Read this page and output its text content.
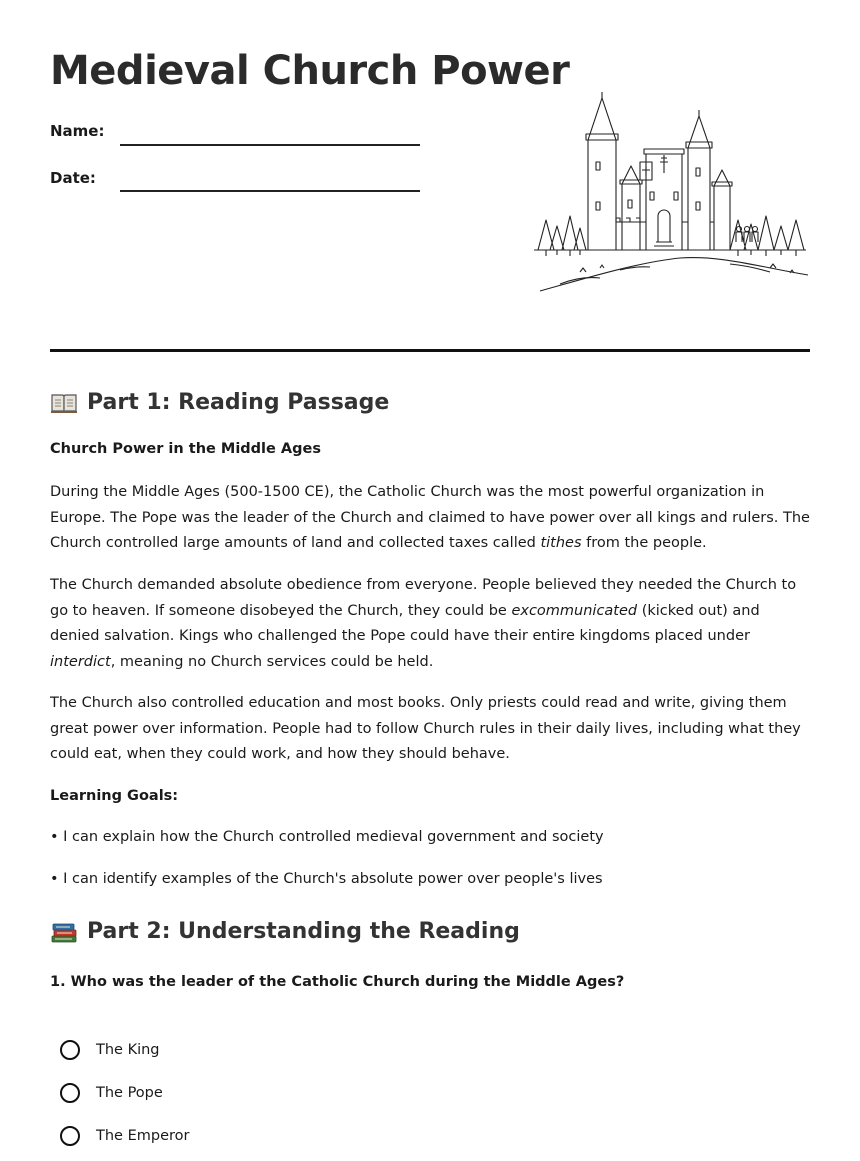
Medieval Church Power
Name:
Date:
Part 1: Reading Passage
Church Power in the Middle Ages

During the Middle Ages (500-1500 CE), the Catholic Church was the most powerful organization in Europe. The Pope was the leader of the Church and claimed to have power over all kings and rulers. The Church controlled large amounts of land and collected taxes called tithes from the people.

The Church demanded absolute obedience from everyone. People believed they needed the Church to go to heaven. If someone disobeyed the Church, they could be excommunicated (kicked out) and denied salvation. Kings who challenged the Pope could have their entire kingdoms placed under interdict, meaning no Church services could be held.

The Church also controlled education and most books. Only priests could read and write, giving them great power over information. People had to follow Church rules in their daily lives, including what they could eat, when they could work, and how they should behave.

Learning Goals:
• I can explain how the Church controlled medieval government and society
• I can identify examples of the Church's absolute power over people's lives
Part 2: Understanding the Reading
1. Who was the leader of the Catholic Church during the Middle Ages?
The King
The Pope
The Emperor
